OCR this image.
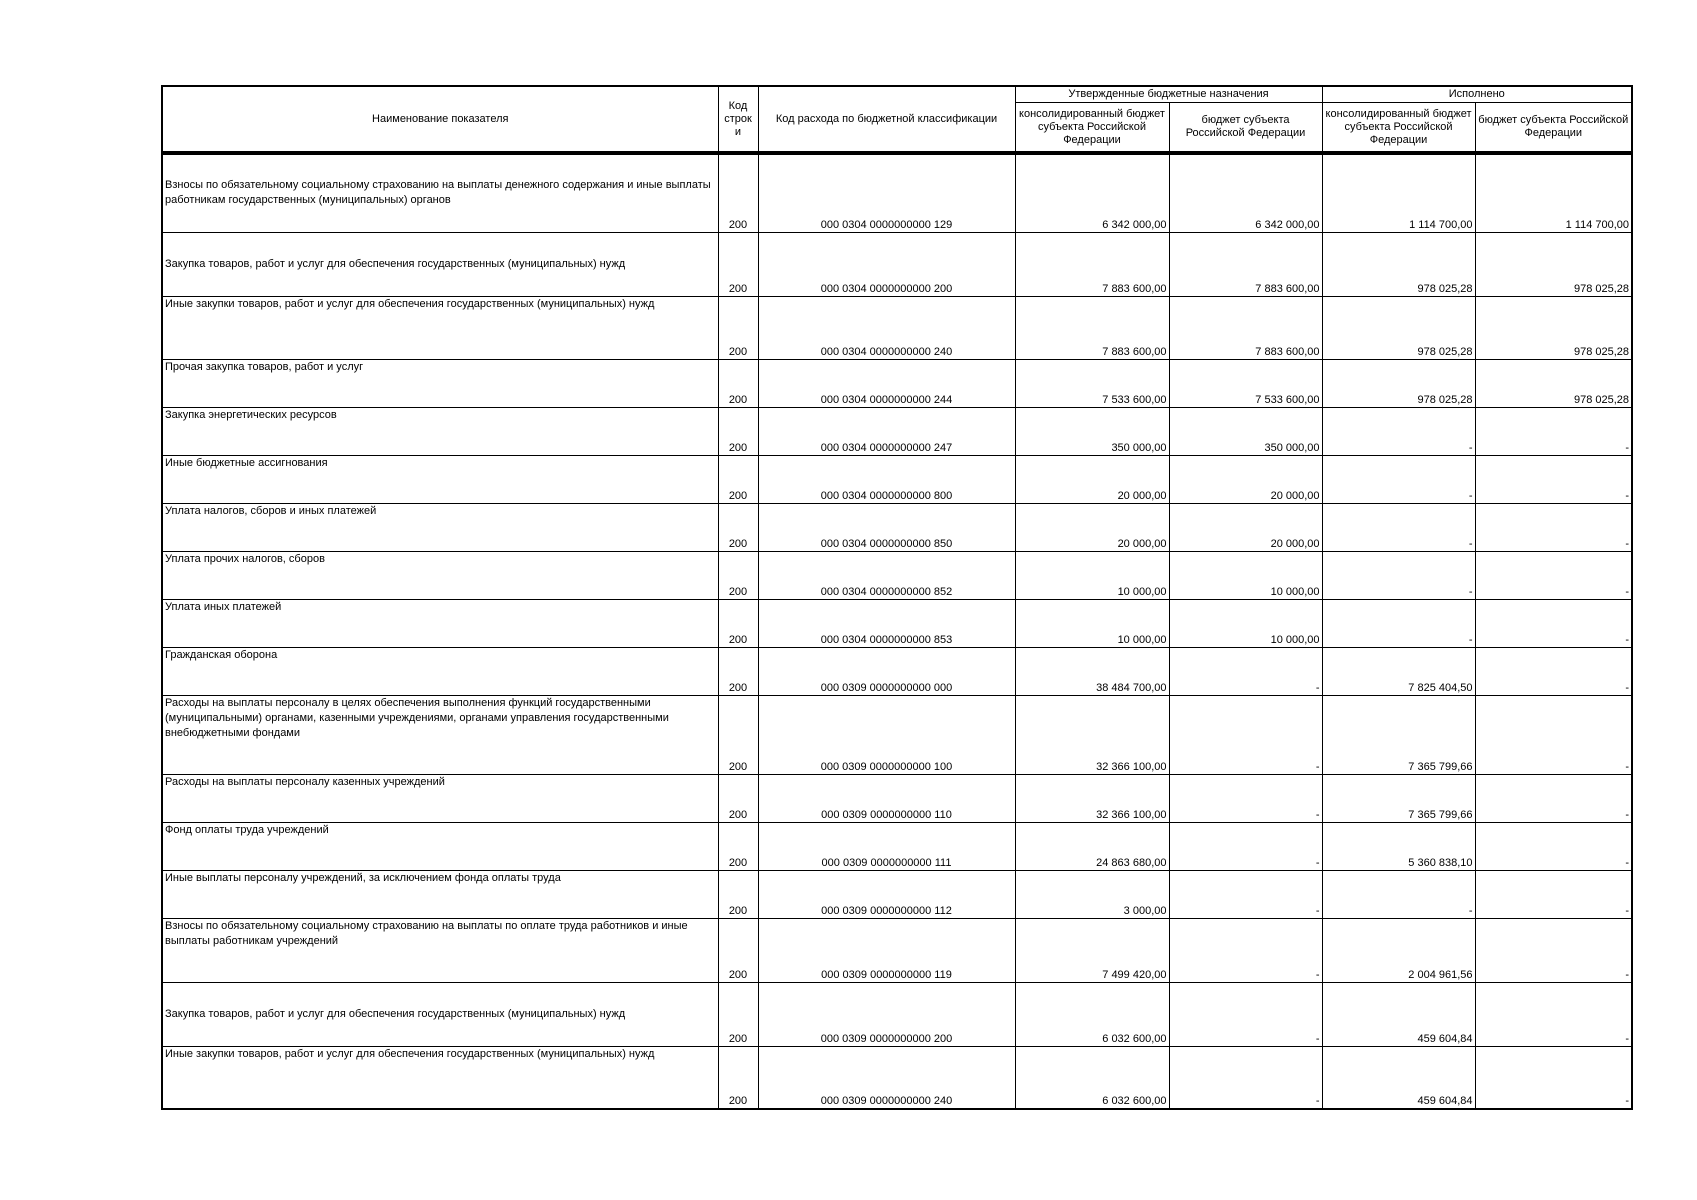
Наименование показателя	Код строк и	Код расхода по бюджетной классификации	Утвержденные бюджетные назначения		Исполнено	
			консолидированный бюджет субъекта Российской Федерации	бюджет субъекта Российской Федерации	консолидированный бюджет субъекта Российской Федерации	бюджет субъекта Российской Федерации
Взносы по обязательному социальному страхованию на выплаты денежного содержания и иные выплаты работникам государственных (муниципальных) органов	200	000 0304 0000000000 129	6 342 000,00	6 342 000,00	1 114 700,00	1 114 700,00
Закупка товаров, работ и услуг для обеспечения государственных (муниципальных) нужд	200	000 0304 0000000000 200	7 883 600,00	7 883 600,00	978 025,28	978 025,28
Иные закупки товаров, работ и услуг для обеспечения государственных (муниципальных) нужд	200	000 0304 0000000000 240	7 883 600,00	7 883 600,00	978 025,28	978 025,28
Прочая закупка товаров, работ и услуг	200	000 0304 0000000000 244	7 533 600,00	7 533 600,00	978 025,28	978 025,28
Закупка энергетических ресурсов	200	000 0304 0000000000 247	350 000,00	350 000,00	-	-
Иные бюджетные ассигнования	200	000 0304 0000000000 800	20 000,00	20 000,00	-	-
Уплата налогов, сборов и иных платежей	200	000 0304 0000000000 850	20 000,00	20 000,00	-	-
Уплата прочих налогов, сборов	200	000 0304 0000000000 852	10 000,00	10 000,00	-	-
Уплата иных платежей	200	000 0304 0000000000 853	10 000,00	10 000,00	-	-
Гражданская оборона	200	000 0309 0000000000 000	38 484 700,00	-	7 825 404,50	-
Расходы на выплаты персоналу в целях обеспечения выполнения функций государственными (муниципальными) органами, казенными учреждениями, органами управления государственными внебюджетными фондами	200	000 0309 0000000000 100	32 366 100,00	-	7 365 799,66	-
Расходы на выплаты персоналу казенных учреждений	200	000 0309 0000000000 110	32 366 100,00	-	7 365 799,66	-
Фонд оплаты труда учреждений	200	000 0309 0000000000 111	24 863 680,00	-	5 360 838,10	-
Иные выплаты персоналу учреждений, за исключением фонда оплаты труда	200	000 0309 0000000000 112	3 000,00	-	-	-
Взносы по обязательному социальному страхованию на выплаты по оплате труда работников и иные выплаты работникам учреждений	200	000 0309 0000000000 119	7 499 420,00	-	2 004 961,56	-
Закупка товаров, работ и услуг для обеспечения государственных (муниципальных) нужд	200	000 0309 0000000000 200	6 032 600,00	-	459 604,84	-
Иные закупки товаров, работ и услуг для обеспечения государственных (муниципальных) нужд	200	000 0309 0000000000 240	6 032 600,00	-	459 604,84	-
